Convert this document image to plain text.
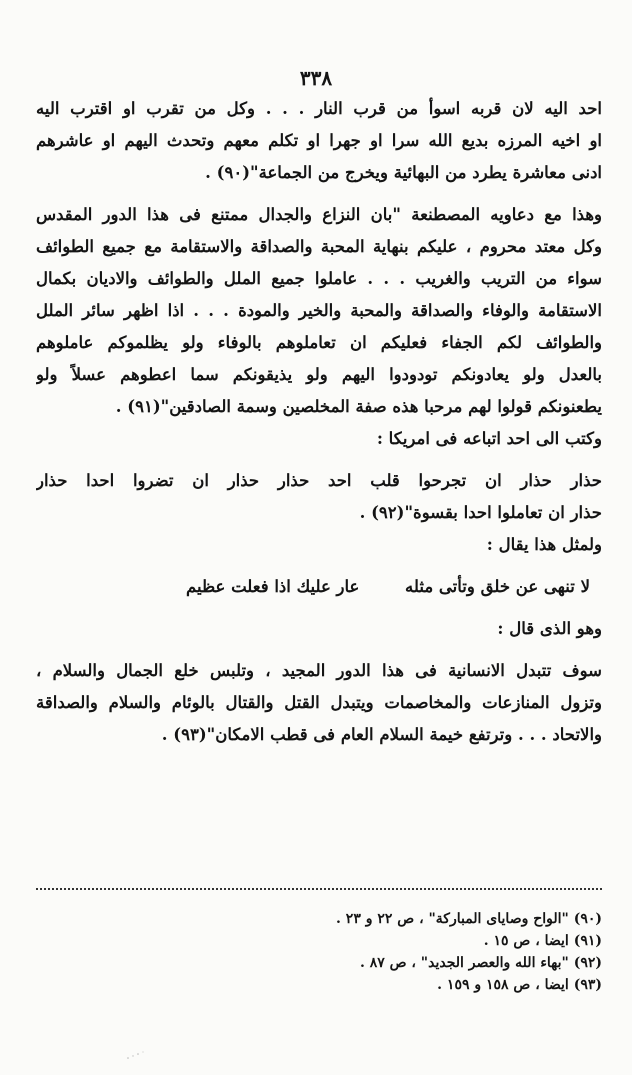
٣٣٨
احد اليه لان قربه اسوأ من قرب النار . . . وكل من تقرب او اقترب اليه
او اخيه المرزه بديع الله سرا او جهرا او تكلم معهم وتحدث اليهم او عاشرهم
ادنى معاشرة يطرد من البهائية ويخرج من الجماعة"(٩٠) .
وهذا مع دعاويه المصطنعة "بان النزاع والجدال ممتنع فى هذا الدور المقدس
وكل معتد محروم ، عليكم بنهاية المحبة والصداقة والاستقامة مع جميع الطوائف
سواء من التريب والغريب . . . عاملوا جميع الملل والطوائف والاديان بكمال
الاستقامة والوفاء والصداقة والمحبة والخير والمودة . . . اذا اظهر سائر الملل
والطوائف لكم الجفاء فعليكم ان تعاملوهم بالوفاء ولو يظلموكم عاملوهم
بالعدل ولو يعادونكم تودودوا اليهم ولو يذيقونكم سما اعطوهم عسلاً ولو
يطعنونكم قولوا لهم مرحبا هذه صفة المخلصين وسمة الصادقين"(٩١) .
وكتب الى احد اتباعه فى امريكا :
حذار حذار ان تجرحوا قلب احد حذار حذار ان تضروا احدا حذار
حذار ان تعاملوا احدا بقسوة"(٩٢) .
ولمثل هذا يقال :
لا تنهى عن خلق وتأتى مثله
عار عليك اذا فعلت عظيم
وهو الذى قال :
سوف تتبدل الانسانية فى هذا الدور المجيد ، وتلبس خلع الجمال والسلام ،
وتزول المنازعات والمخاصمات ويتبدل القتل والقتال بالوئام والسلام والصداقة
والاتحاد . . . وترتفع خيمة السلام العام فى قطب الامكان"(٩٣) .
(٩٠) "الواح وصاياى المباركة" ، ص ٢٢ و ٢٣ .
(٩١) ايضا ، ص ١٥ .
(٩٢) "بهاء الله والعصر الجديد" ، ص ٨٧ .
(٩٣) ايضا ، ص ١٥٨ و ١٥٩ .
